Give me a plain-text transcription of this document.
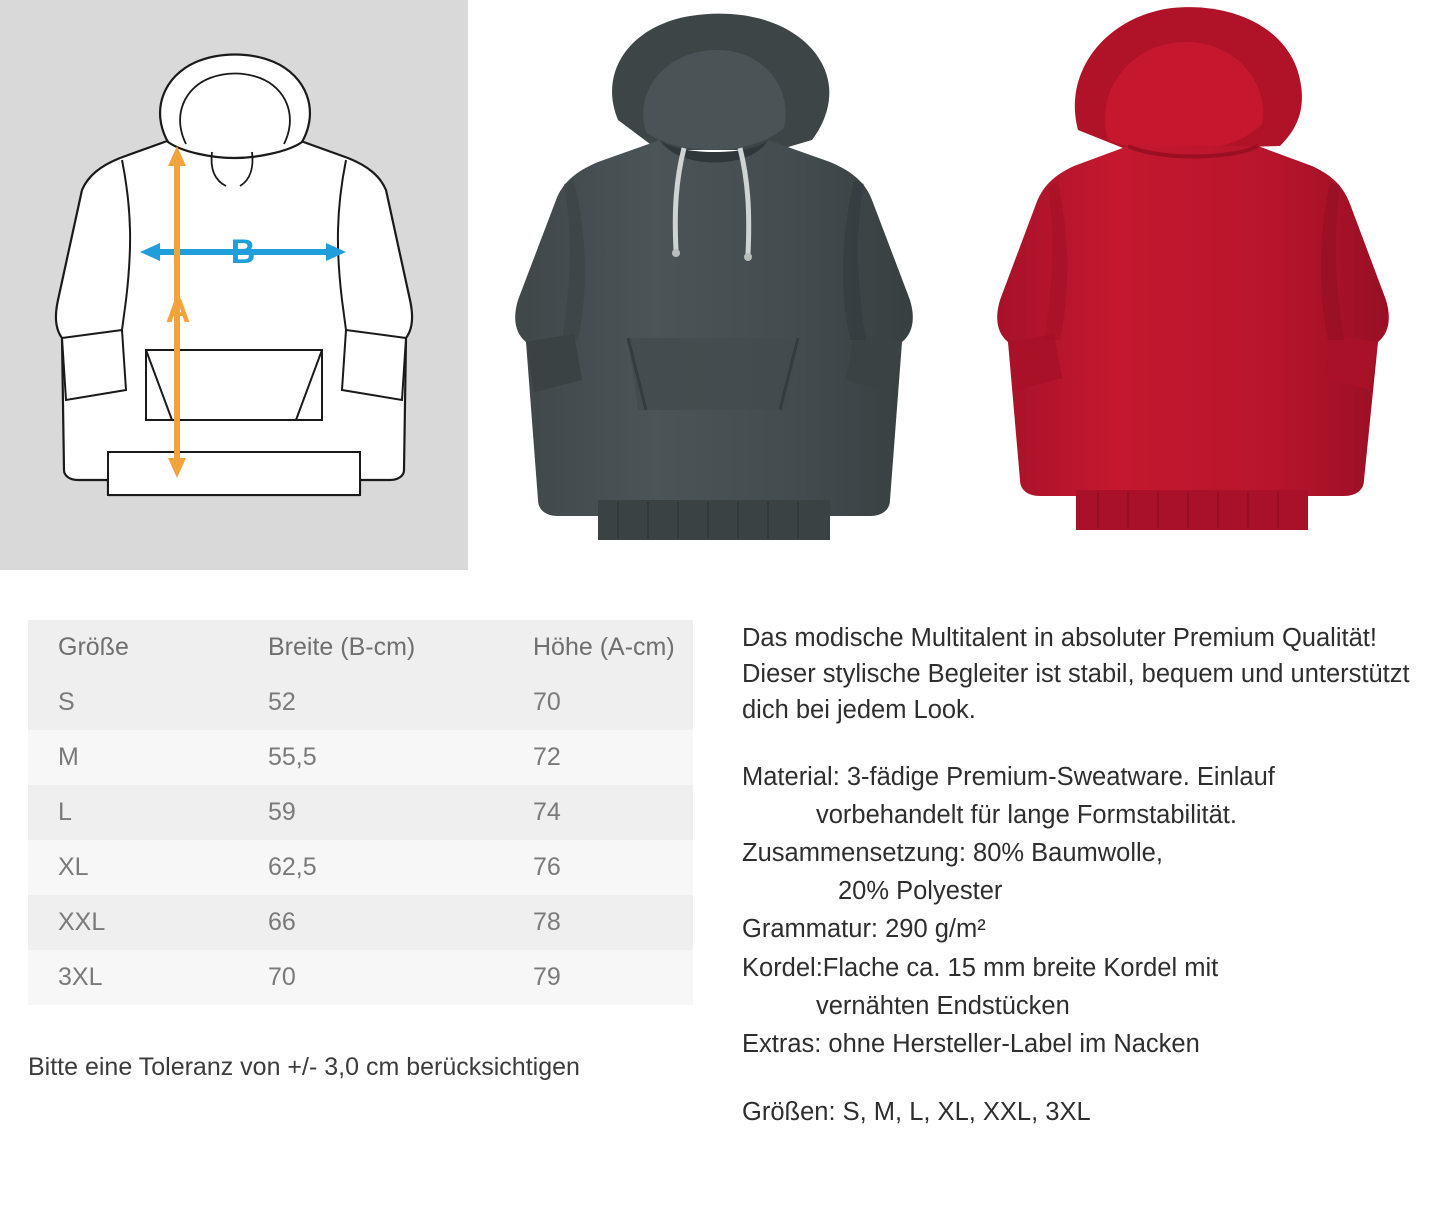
B
A
Größe	Breite (B-cm)	Höhe (A-cm)
S	52	70
M	55,5	72
L	59	74
XL	62,5	76
XXL	66	78
3XL	70	79
Bitte eine Toleranz von +/- 3,0 cm berücksichtigen

Das modische Multitalent in absoluter Premium Qualität! Dieser stylische Begleiter ist stabil, bequem und unterstützt dich bei jedem Look.

Material: 3-fädige Premium-Sweatware. Einlauf

vorbehandelt für lange Formstabilität.

Zusammensetzung: 80% Baumwolle,

20% Polyester

Grammatur: 290 g/m²

Kordel:Flache ca. 15 mm breite Kordel mit

vernähten Endstücken

Extras: ohne Hersteller-Label im Nacken

Größen: S, M, L, XL, XXL, 3XL
